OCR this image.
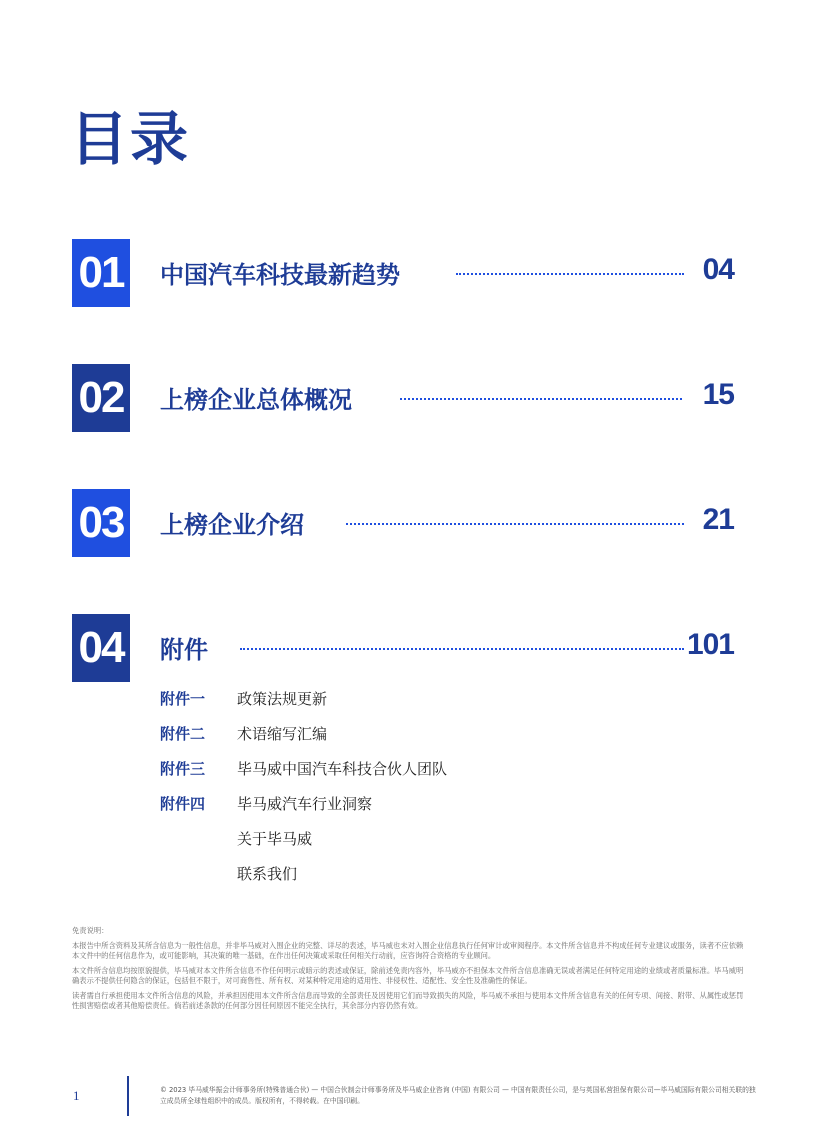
目录
01 中国汽车科技最新趋势	04
02 上榜企业总体概况	15
03 上榜企业介绍	21
04 附件	101
附件一 政策法规更新
附件二 术语缩写汇编
附件三 毕马威中国汽车科技合伙人团队
附件四 毕马威汽车行业洞察
关于毕马威
联系我们

免责说明：

本报告中所含资料及其所含信息为一般性信息，并非毕马威对入围企业的完整、详尽的表述，毕马威也未对入围企业信息执行任何审计或审阅程序。本文件所含信息并不构成任何专业建议或服务，读者不应依赖本文件中的任何信息作为，或可能影响，其决策的唯一基础，在作出任何决策或采取任何相关行动前，应咨询符合资格的专业顾问。

本文件所含信息均按原貌提供，毕马威对本文件所含信息不作任何明示或暗示的表述或保证，除前述免责内容外，毕马威亦不担保本文件所含信息准确无误或者满足任何特定用途的业绩或者质量标准。毕马威明确表示不提供任何隐含的保证，包括但不限于，对可商售性、所有权、对某种特定用途的适用性、非侵权性、适配性、安全性及准确性的保证。

读者需自行承担使用本文件所含信息的风险，并承担因使用本文件所含信息而导致的全部责任及因使用它们而导致损失的风险，毕马威不承担与使用本文件所含信息有关的任何专项、间接、附带、从属性或惩罚性损害赔偿或者其他赔偿责任。倘若前述条款的任何部分因任何原因不能完全执行，其余部分内容仍然有效。

1	© 2023 毕马威华振会计师事务所(特殊普通合伙) — 中国合伙制会计师事务所及毕马威企业咨询 (中国) 有限公司 — 中国有限责任公司，是与英国私营担保有限公司—毕马威国际有限公司相关联的独立成员所全球性组织中的成员。版权所有，不得转载。在中国印刷。
